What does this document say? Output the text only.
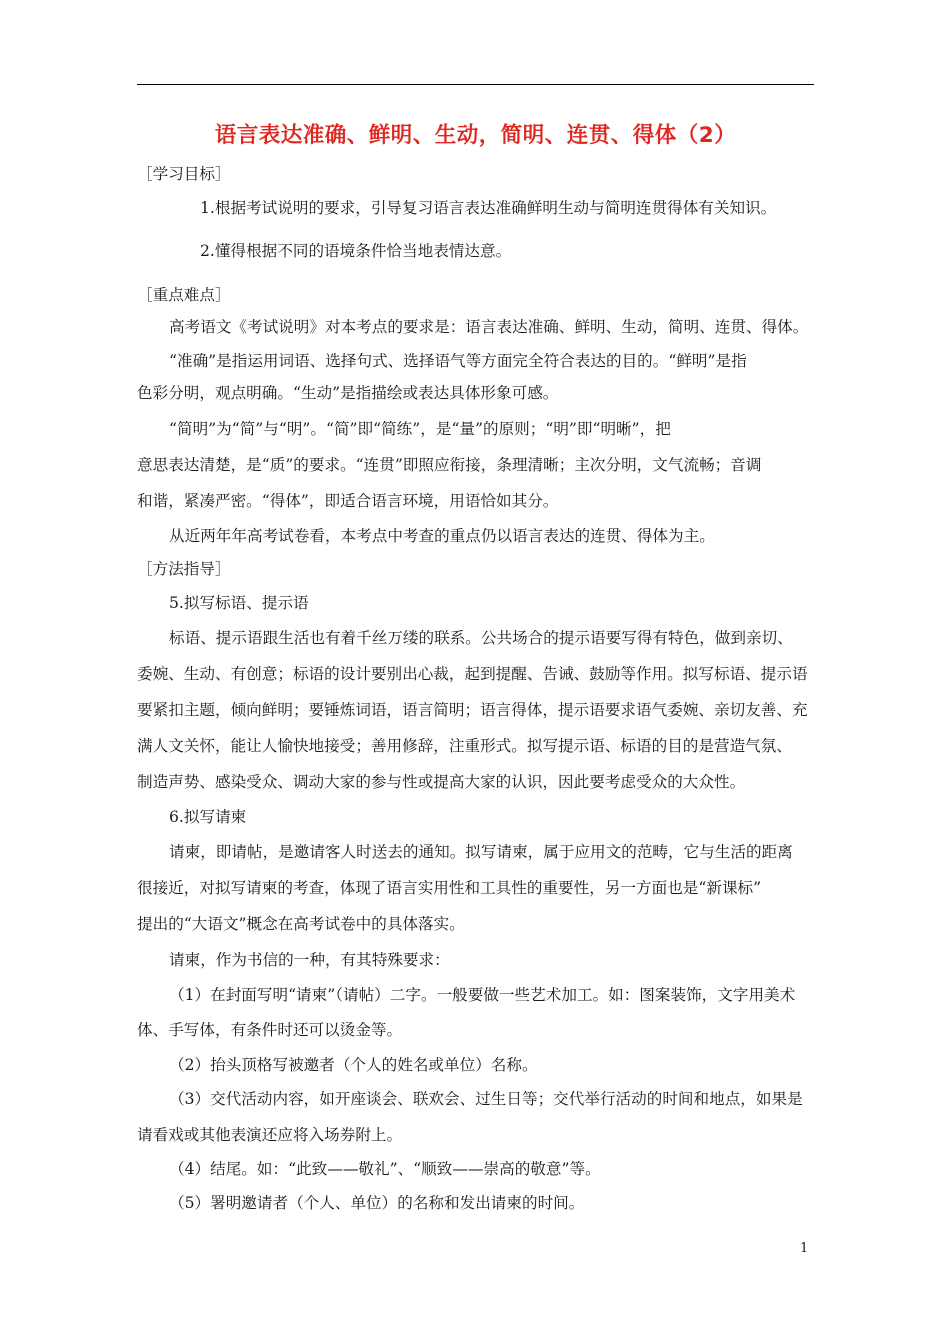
语言表达准确、鲜明、生动，简明、连贯、得体（2）
［学习目标］
1.根据考试说明的要求，引导复习语言表达准确鲜明生动与简明连贯得体有关知识。
2.懂得根据不同的语境条件恰当地表情达意。
［重点难点］
高考语文《考试说明》对本考点的要求是：语言表达准确、鲜明、生动，简明、连贯、得体。
“准确”是指运用词语、选择句式、选择语气等方面完全符合表达的目的。“鲜明”是指
色彩分明，观点明确。“生动”是指描绘或表达具体形象可感。
“简明”为“简”与“明”。“简”即“简练”，是“量”的原则；“明”即“明晰”，把
意思表达清楚，是“质”的要求。“连贯”即照应衔接，条理清晰；主次分明，文气流畅；音调
和谐，紧凑严密。“得体”，即适合语言环境，用语恰如其分。
从近两年年高考试卷看，本考点中考查的重点仍以语言表达的连贯、得体为主。
［方法指导］
5.拟写标语、提示语
标语、提示语跟生活也有着千丝万缕的联系。公共场合的提示语要写得有特色，做到亲切、
委婉、生动、有创意；标语的设计要别出心裁，起到提醒、告诫、鼓励等作用。拟写标语、提示语
要紧扣主题，倾向鲜明；要锤炼词语，语言简明；语言得体，提示语要求语气委婉、亲切友善、充
满人文关怀，能让人愉快地接受；善用修辞，注重形式。拟写提示语、标语的目的是营造气氛、
制造声势、感染受众、调动大家的参与性或提高大家的认识，因此要考虑受众的大众性。
6.拟写请柬
请柬，即请帖，是邀请客人时送去的通知。拟写请柬，属于应用文的范畴，它与生活的距离
很接近，对拟写请柬的考查，体现了语言实用性和工具性的重要性，另一方面也是“新课标”
提出的“大语文”概念在高考试卷中的具体落实。
请柬，作为书信的一种，有其特殊要求：
（1）在封面写明“请柬”（请帖）二字。一般要做一些艺术加工。如：图案装饰，文字用美术
体、手写体，有条件时还可以烫金等。
（2）抬头顶格写被邀者（个人的姓名或单位）名称。
（3）交代活动内容，如开座谈会、联欢会、过生日等；交代举行活动的时间和地点，如果是
请看戏或其他表演还应将入场券附上。
（4）结尾。如：“此致——敬礼”、“顺致——崇高的敬意”等。
（5）署明邀请者（个人、单位）的名称和发出请柬的时间。
1
